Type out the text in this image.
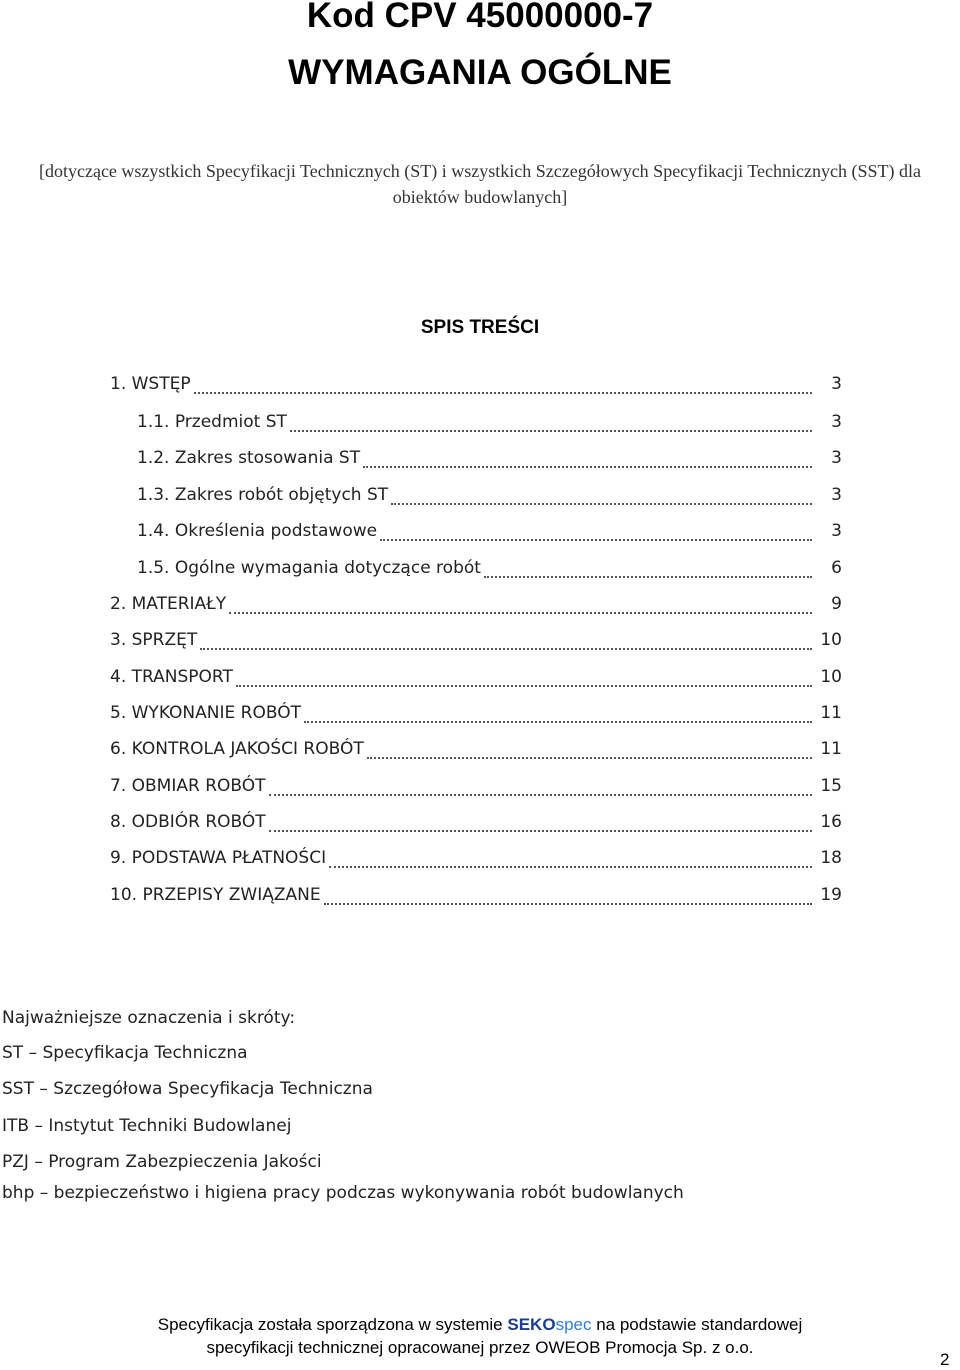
Kod CPV 45000000-7
WYMAGANIA OGÓLNE
[dotyczące wszystkich Specyfikacji Technicznych (ST) i wszystkich Szczegółowych Specyfikacji Technicznych (SST) dla obiektów budowlanych]
SPIS TREŚCI
1. WSTĘP	3
1.1. Przedmiot ST	3
1.2. Zakres stosowania ST	3
1.3. Zakres robót objętych ST	3
1.4. Określenia podstawowe	3
1.5. Ogólne wymagania dotyczące robót	6
2. MATERIAŁY	9
3. SPRZĘT	10
4. TRANSPORT	10
5. WYKONANIE ROBÓT	11
6. KONTROLA JAKOŚCI ROBÓT	11
7. OBMIAR ROBÓT	15
8. ODBIÓR ROBÓT	16
9. PODSTAWA PŁATNOŚCI	18
10. PRZEPISY ZWIĄZANE	19
Najważniejsze oznaczenia i skróty:
ST – Specyfikacja Techniczna
SST – Szczegółowa Specyfikacja Techniczna
ITB – Instytut Techniki Budowlanej
PZJ – Program Zabezpieczenia Jakości
bhp – bezpieczeństwo i higiena pracy podczas wykonywania robót budowlanych
Specyfikacja została sporządzona w systemie SEKOspec na podstawie standardowej
specyfikacji technicznej opracowanej przez OWEOB Promocja Sp. z o.o.
2
